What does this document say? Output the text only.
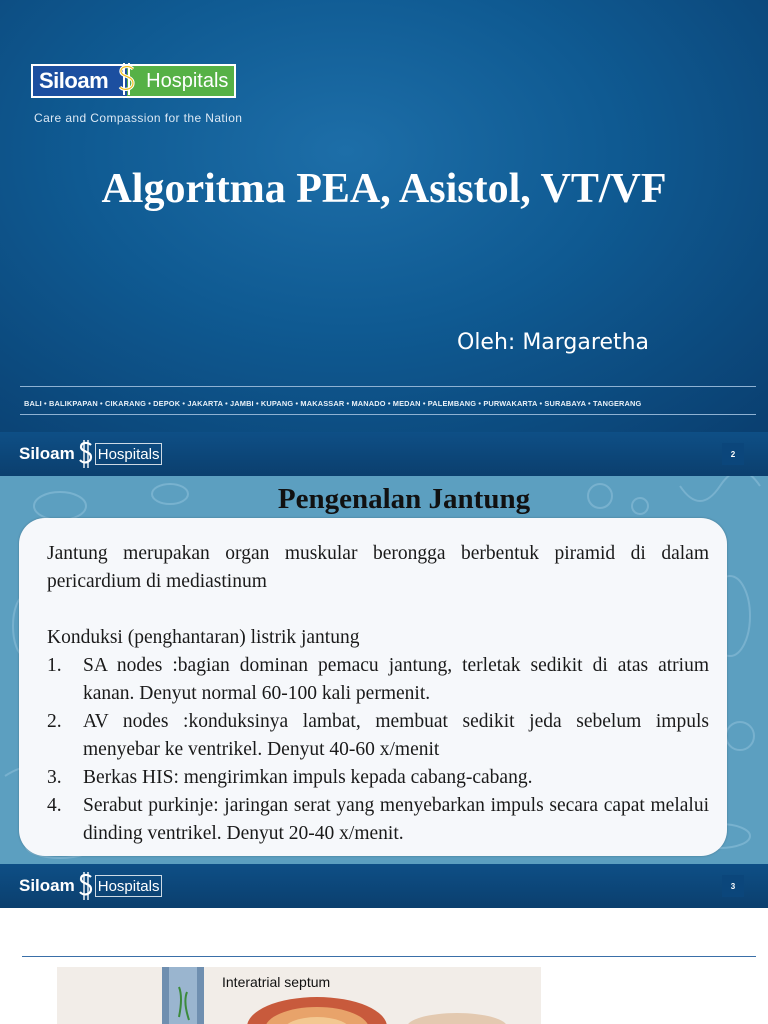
Siloam	Hospitals
Care and Compassion for the Nation
Algoritma PEA, Asistol, VT/VF
Oleh: Margaretha
BALI • BALIKPAPAN • CIKARANG • DEPOK • JAKARTA • JAMBI • KUPANG • MAKASSAR • MANADO • MEDAN • PALEMBANG • PURWAKARTA • SURABAYA • TANGERANG
Siloam Hospitals	2
Pengenalan Jantung

Jantung merupakan organ muskular berongga berbentuk piramid di dalam pericardium di mediastinum

Konduksi (penghantaran) listrik jantung

1. SA nodes :bagian dominan pemacu jantung, terletak sedikit di atas atrium kanan. Denyut normal 60-100 kali permenit.
2. AV nodes :konduksinya lambat, membuat sedikit jeda sebelum impuls menyebar ke ventrikel. Denyut 40-60 x/menit
3. Berkas HIS: mengirimkan impuls kepada cabang-cabang.
4. Serabut purkinje: jaringan serat yang menyebarkan impuls secara capat melalui dinding ventrikel. Denyut 20-40 x/menit.
Siloam Hospitals	3
Interatrial septum
